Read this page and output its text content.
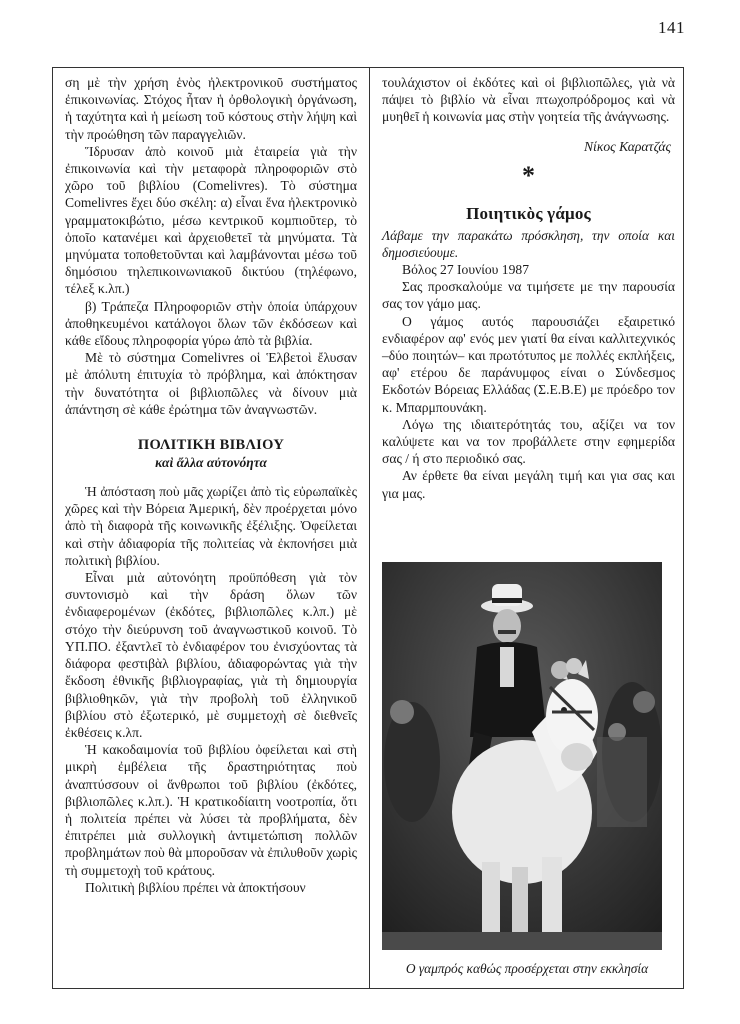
141

ση μὲ τὴν χρήση ἑνὸς ἠλεκτρονικοῦ συστήματος ἐπικοινωνίας. Στόχος ἦταν ἡ ὀρθολογικὴ ὀργάνωση, ἡ ταχύτητα καὶ ἡ μείωση τοῦ κόστους στὴν λήψη καὶ τὴν προώθηση τῶν παραγγελιῶν.

Ἵδρυσαν ἀπὸ κοινοῦ μιὰ ἑταιρεία γιὰ τὴν ἐπικοινωνία καὶ τὴν μεταφορὰ πληροφοριῶν στὸ χῶρο τοῦ βιβλίου (Comelivres). Τὸ σύστημα Comelivres ἔχει δύο σκέλη: α) εἶναι ἕνα ἠλεκτρονικὸ γραμματοκιβώτιο, μέσω κεντρικοῦ κομπιοῦτερ, τὸ ὁποῖο κατανέμει καὶ ἀρχειοθετεῖ τὰ μηνύματα. Τὰ μηνύματα τοποθετοῦνται καὶ λαμβάνονται μέσω τοῦ δημόσιου τηλεπικοινωνιακοῦ δικτύου (τηλέφωνο, τέλεξ κ.λπ.)

β) Τράπεζα Πληροφοριῶν στὴν ὁποία ὑπάρχουν ἀποθηκευμένοι κατάλογοι ὅλων τῶν ἐκδόσεων καὶ κάθε εἴδους πληροφορία γύρω ἀπὸ τὰ βιβλία.

Μὲ τὸ σύστημα Comelivres οἱ Ἑλβετοὶ ἔλυσαν μὲ ἀπόλυτη ἐπιτυχία τὸ πρόβλημα, καὶ ἀπόκτησαν τὴν δυνατότητα οἱ βιβλιοπῶλες νὰ δίνουν μιὰ ἀπάντηση σὲ κάθε ἐρώτημα τῶν ἀναγνωστῶν.

ΠΟΛΙΤΙΚΗ ΒΙΒΛΙΟΥ
καὶ ἄλλα αὐτονόητα

Ἡ ἀπόσταση ποὺ μᾶς χωρίζει ἀπὸ τὶς εὐρωπαϊκὲς χῶρες καὶ τὴν Βόρεια Ἀμερική, δὲν προέρχεται μόνο ἀπὸ τὴ διαφορὰ τῆς κοινωνικῆς ἐξέλιξης. Ὀφείλεται καὶ στὴν ἀδιαφορία τῆς πολιτείας νὰ ἐκπονήσει μιὰ πολιτικὴ βιβλίου.

Εἶναι μιὰ αὐτονόητη προϋπόθεση γιὰ τὸν συντονισμὸ καὶ τὴν δράση ὅλων τῶν ἐνδιαφερομένων (ἐκδότες, βιβλιοπῶλες κ.λπ.) μὲ στόχο τὴν διεύρυνση τοῦ ἀναγνωστικοῦ κοινοῦ. Τὸ ΥΠ.ΠΟ. ἐξαντλεῖ τὸ ἐνδιαφέρον του ἐνισχύοντας τὰ διάφορα φεστιβὰλ βιβλίου, ἀδιαφορώντας γιὰ τὴν ἔκδοση ἐθνικῆς βιβλιογραφίας, γιὰ τὴ δημιουργία βιβλιοθηκῶν, γιὰ τὴν προβολὴ τοῦ ἑλληνικοῦ βιβλίου στὸ ἐξωτερικό, μὲ συμμετοχὴ σὲ διεθνεῖς ἐκθέσεις κ.λπ.

Ἡ κακοδαιμονία τοῦ βιβλίου ὀφείλεται καὶ στὴ μικρὴ ἐμβέλεια τῆς δραστηριότητας ποὺ ἀναπτύσσουν οἱ ἄνθρωποι τοῦ βιβλίου (ἐκδότες, βιβλιοπῶλες κ.λπ.). Ἡ κρατικοδίαιτη νοοτροπία, ὅτι ἡ πολιτεία πρέπει νὰ λύσει τὰ προβλήματα, δὲν ἐπιτρέπει μιὰ συλλογικὴ ἀντιμετώπιση πολλῶν προβλημάτων ποὺ θὰ μποροῦσαν νὰ ἐπιλυθοῦν χωρὶς τὴ συμμετοχὴ τοῦ κράτους.

Πολιτικὴ βιβλίου πρέπει νὰ ἀποκτήσουν

τουλάχιστον οἱ ἐκδότες καὶ οἱ βιβλιοπῶλες, γιὰ νὰ πάψει τὸ βιβλίο νὰ εἶναι πτωχοπρόδρομος καὶ νὰ μυηθεῖ ἡ κοινωνία μας στὴν γοητεία τῆς ἀνάγνωσης.

Νίκος Καρατζάς
*
Ποιητικὸς γάμος

Λάβαμε την παρακάτω πρόσκληση, την οποία και δημοσιεύουμε.

Βόλος 27 Ιουνίου 1987

Σας προσκαλούμε να τιμήσετε με την παρουσία σας τον γάμο μας.

Ο γάμος αυτός παρουσιάζει εξαιρετικό ενδιαφέρον αφ' ενός μεν γιατί θα είναι καλλιτεχνικός –δύο ποιητών– και πρωτότυπος με πολλές εκπλήξεις, αφ' ετέρου δε παράνυμφος είναι ο Σύνδεσμος Εκδοτών Βόρειας Ελλάδας (Σ.Ε.Β.Ε) με πρόεδρο τον κ. Μπαρμπουνάκη.

Λόγω της ιδιαιτερότητάς του, αξίζει να τον καλύψετε και να τον προβάλλετε στην εφημερίδα σας / ή στο περιοδικό σας.

Αν έρθετε θα είναι μεγάλη τιμή και για σας και για μας.

Ο γαμπρός καθώς προσέρχεται στην εκκλησία
